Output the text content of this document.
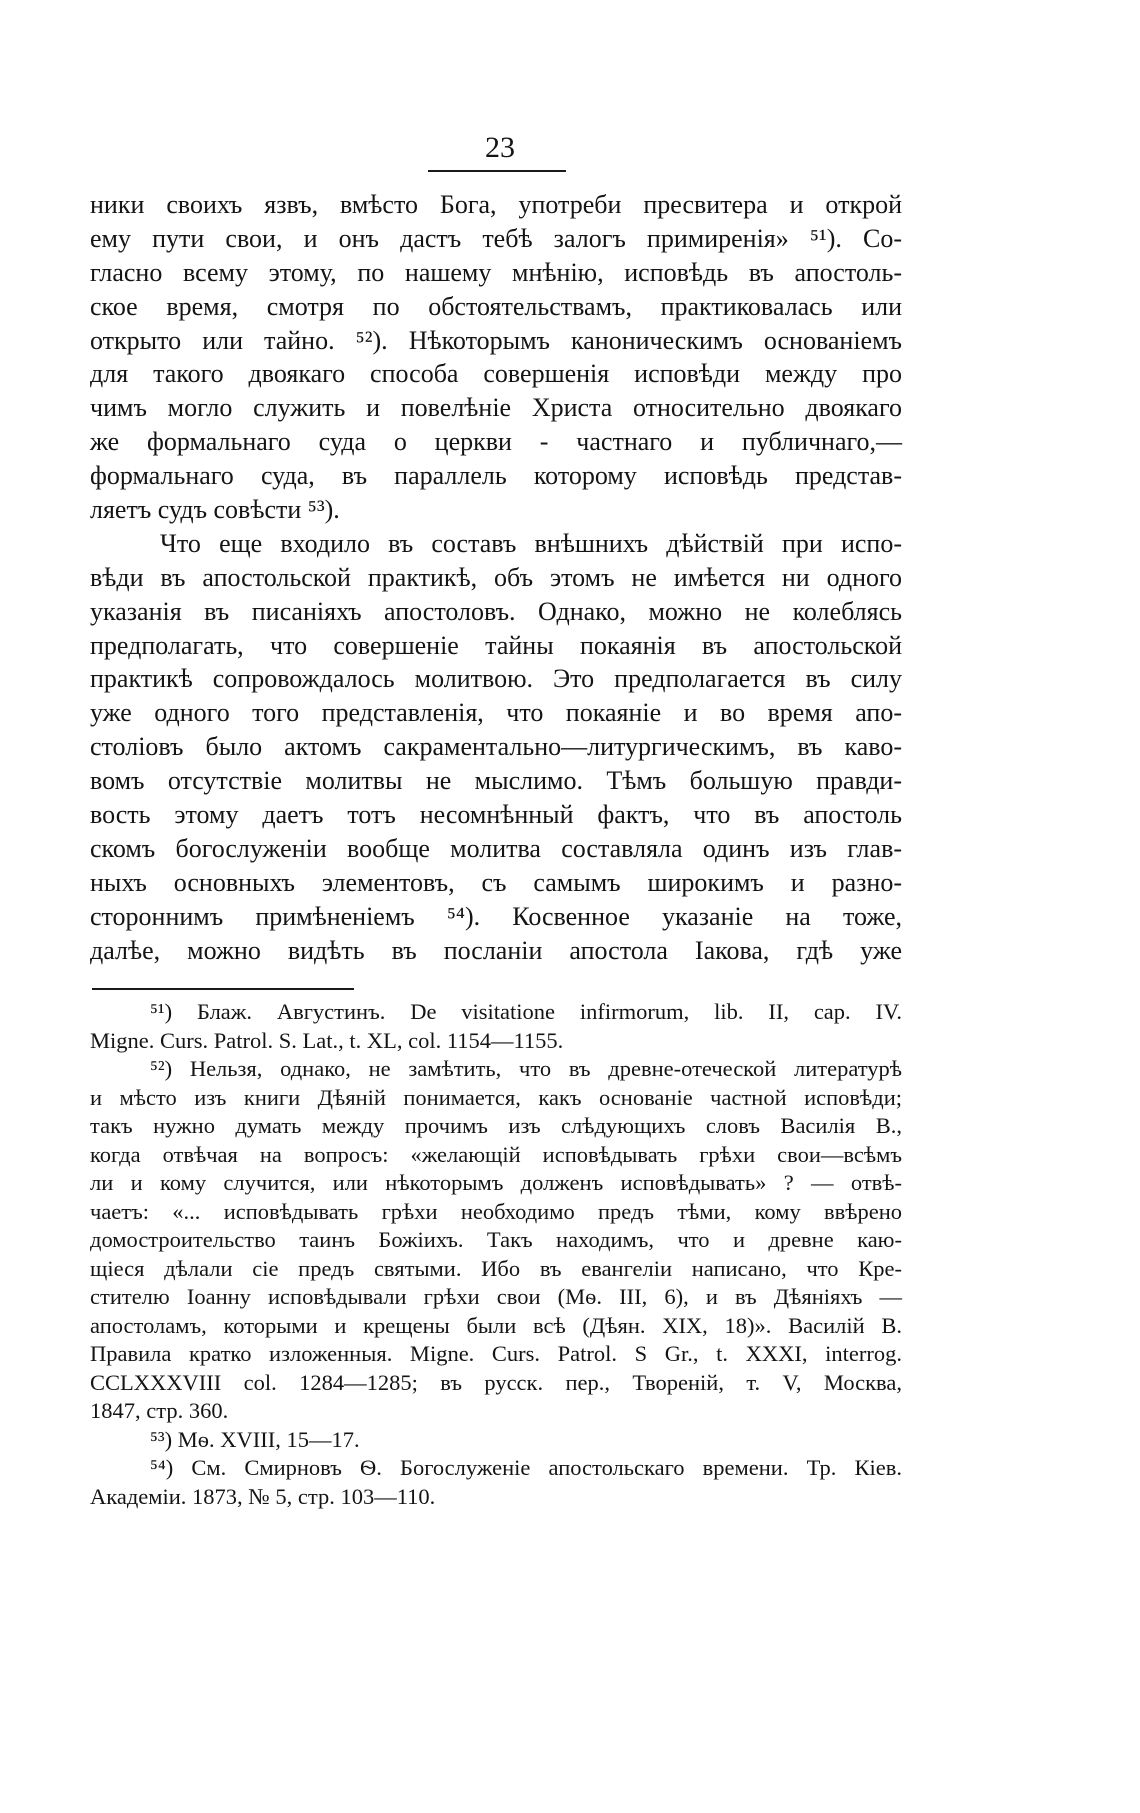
23
ники своихъ язвъ, вмѣсто Бога, употреби пресвитера и открой
ему пути свои, и онъ дастъ тебѣ залогъ примиренія» ⁵¹). Со-
гласно всему этому, по нашему мнѣнію, исповѣдь въ апостоль-
ское время, смотря по обстоятельствамъ, практиковалась или
открыто или тайно. ⁵²). Нѣкоторымъ каноническимъ основаніемъ
для такого двоякаго способа совершенія исповѣди между про
чимъ могло служить и повелѣніе Христа относительно двоякаго
же формальнаго суда о церкви - частнаго и публичнаго,—
формальнаго суда, въ параллель которому исповѣдь представ-
ляетъ судъ совѣсти ⁵³).
Что еще входило въ составъ внѣшнихъ дѣйствій при испо-
вѣди въ апостольской практикѣ, объ этомъ не имѣется ни одного
указанія въ писаніяхъ апостоловъ. Однако, можно не колеблясь
предполагать, что совершеніе тайны покаянія въ апостольской
практикѣ сопровождалось молитвою. Это предполагается въ силу
уже одного того представленія, что покаяніе и во время апо-
століовъ было актомъ сакраментально—литургическимъ, въ каво-
вомъ отсутствіе молитвы не мыслимо. Тѣмъ большую правди-
вость этому даетъ тотъ несомнѣнный фактъ, что въ апостоль
скомъ богослуженіи вообще молитва составляла одинъ изъ глав-
ныхъ основныхъ элементовъ, съ самымъ широкимъ и разно-
стороннимъ примѣненіемъ ⁵⁴). Косвенное указаніе на тоже,
далѣе, можно видѣть въ посланіи апостола Іакова, гдѣ уже
⁵¹) Блаж. Августинъ. De visitatione infirmorum, lib. II, cap. IV.
Migne. Curs. Patrol. S. Lat., t. XL, col. 1154—1155.
⁵²) Нельзя, однако, не замѣтить, что въ древне-отеческой литературѣ
и мѣсто изъ книги Дѣяній понимается, какъ основаніе частной исповѣди;
такъ нужно думать между прочимъ изъ слѣдующихъ словъ Василія В.,
когда отвѣчая на вопросъ: «желающій исповѣдывать грѣхи свои—всѣмъ
ли и кому случится, или нѣкоторымъ долженъ исповѣдывать» ? — отвѣ-
чаетъ: «... исповѣдывать грѣхи необходимо предъ тѣми, кому ввѣрено
домостроительство таинъ Божіихъ. Такъ находимъ, что и древне каю-
щіеся дѣлали сіе предъ святыми. Ибо въ евангеліи написано, что Кре-
стителю Іоанну исповѣдывали грѣхи свои (Мѳ. III, 6), и въ Дѣяніяхъ —
апостоламъ, которыми и крещены были всѣ (Дѣян. XIX, 18)». Василій В.
Правила кратко изложенныя. Migne. Curs. Patrol. S Gr., t. XXXI, interrog.
CCLXXXVIII col. 1284—1285; въ русск. пер., Твореній, т. V, Москва,
1847, стр. 360.
⁵³) Мѳ. XVIII, 15—17.
⁵⁴) См. Смирновъ Ѳ. Богослуженіе апостольскаго времени. Тр. Кіев.
Академіи. 1873, № 5, стр. 103—110.
